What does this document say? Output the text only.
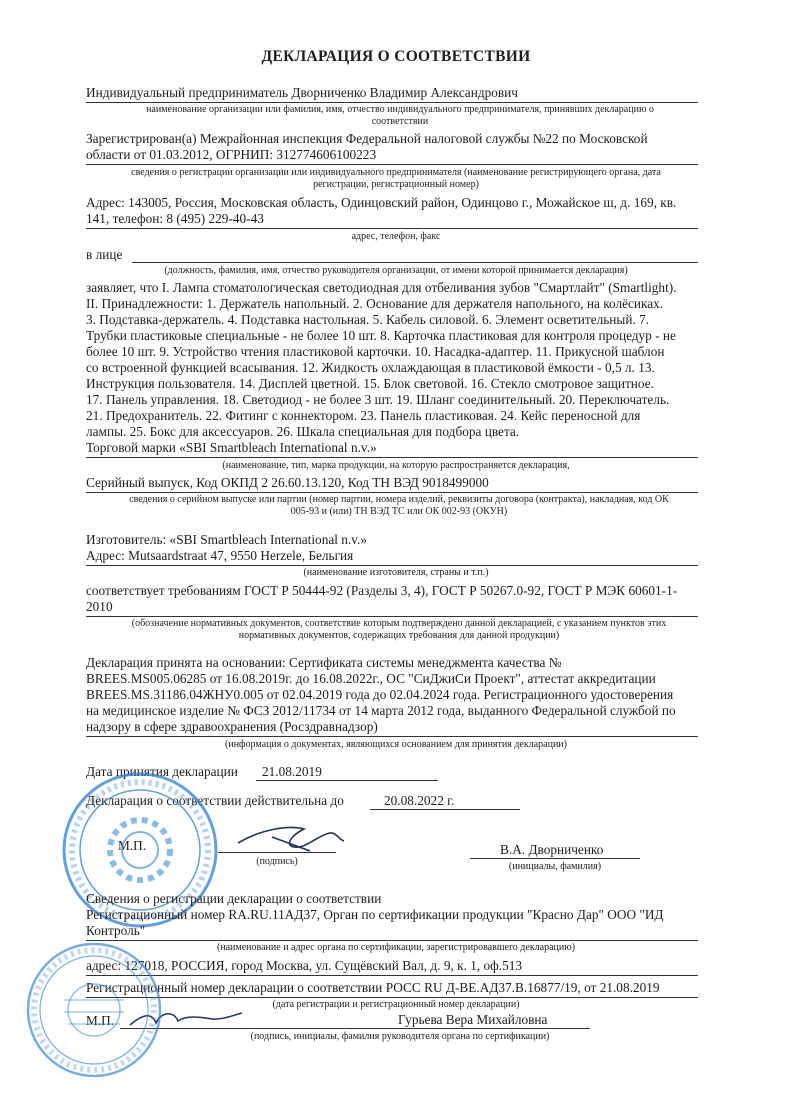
ДЕКЛАРАЦИЯ О СООТВЕТСТВИИ
Индивидуальный предприниматель Дворниченко Владимир Александрович
наименование организации или фамилия, имя, отчество индивидуального предпринимателя, принявших декларацию о
соответствии
Зарегистрирован(а) Межрайонная инспекция Федеральной налоговой службы №22 по Московской
области от 01.03.2012, ОГРНИП: 312774606100223
сведения о регистрации организации или индивидуального предпринимателя (наименование регистрирующего органа, дата
регистрации, регистрационный номер)
Адрес: 143005, Россия, Московская область, Одинцовский район, Одинцово г., Можайское ш, д. 169, кв.
141, телефон: 8 (495) 229-40-43
адрес, телефон, факс
в лице
(должность, фамилия, имя, отчество руководителя организации, от имени которой принимается декларация)
заявляет, что I. Лампа стоматологическая светодиодная для отбеливания зубов "Смартлайт" (Smartlight).
II. Принадлежности: 1. Держатель напольный. 2. Основание для держателя напольного, на колёсиках.
3. Подставка-держатель. 4. Подставка настольная. 5. Кабель силовой. 6. Элемент осветительный. 7.
Трубки пластиковые специальные - не более 10 шт. 8. Карточка пластиковая для контроля процедур - не
более 10 шт. 9. Устройство чтения пластиковой карточки. 10. Насадка-адаптер. 11. Прикусной шаблон
со встроенной функцией всасывания. 12. Жидкость охлаждающая в пластиковой ёмкости - 0,5 л. 13.
Инструкция пользователя. 14. Дисплей цветной. 15. Блок световой. 16. Стекло смотровое защитное.
17. Панель управления. 18. Светодиод - не более 3 шт. 19. Шланг соединительный. 20. Переключатель.
21. Предохранитель. 22. Фитинг с коннектором. 23. Панель пластиковая. 24. Кейс переносной для
лампы. 25. Бокс для аксессуаров. 26. Шкала специальная для подбора цвета.
Торговой марки «SBI Smartbleach International n.v.»
(наименование, тип, марка продукции, на которую распространяется декларация,
Серийный выпуск, Код ОКПД 2 26.60.13.120, Код ТН ВЭД 9018499000
сведения о серийном выпуске или партии (номер партии, номера изделий, реквизиты договора (контракта), накладная, код ОК
005-93 и (или) ТН ВЭД ТС или ОК 002-93 (ОКУН)
Изготовитель: «SBI Smartbleach International n.v.»
Адрес: Mutsaardstraat 47, 9550 Herzele, Бельгия
(наименование изготовителя, страны и т.п.)
соответствует требованиям ГОСТ Р 50444-92 (Разделы 3, 4), ГОСТ Р 50267.0-92, ГОСТ Р МЭК 60601-1-
2010
(обозначение нормативных документов, соответствие которым подтверждено данной декларацией, с указанием пунктов этих
нормативных документов, содержащих требования для данной продукции)
Декларация принята на основании: Сертификата системы менеджмента качества №
BREES.MS005.06285 от 16.08.2019г. до 16.08.2022г., ОС "СиДжиСи Проект", аттестат аккредитации
BREES.MS.31186.04ЖНУ0.005 от 02.04.2019 года до 02.04.2024 года. Регистрационного удостоверения
на медицинское изделие № ФСЗ 2012/11734 от 14 марта 2012 года, выданного Федеральной службой по
надзору в сфере здравоохранения (Росздравнадзор)
(информация о документах, являющихся основанием для принятия декларации)
Дата принятия декларации 21.08.2019
Декларация о соответствии действительна до	20.08.2022 г.
М.П.
(подпись)
В.А. Дворниченко
(инициалы, фамилия)
Сведения о регистрации декларации о соответствии
Регистрационный номер RA.RU.11АД37, Орган по сертификации продукции "Красно Дар" ООО "ИД
Контроль"
(наименование и адрес органа по сертификации, зарегистрировавшего декларацию)
адрес: 127018, РОССИЯ, город Москва, ул. Сущёвский Вал, д. 9, к. 1, оф.513
Регистрационный номер декларации о соответствии РОСС RU Д-ВЕ.АД37.В.16877/19, от 21.08.2019
(дата регистрации и регистрационный номер декларации)
М.П.	Гурьева Вера Михайловна
(подпись, инициалы, фамилия руководителя органа по сертификации)
